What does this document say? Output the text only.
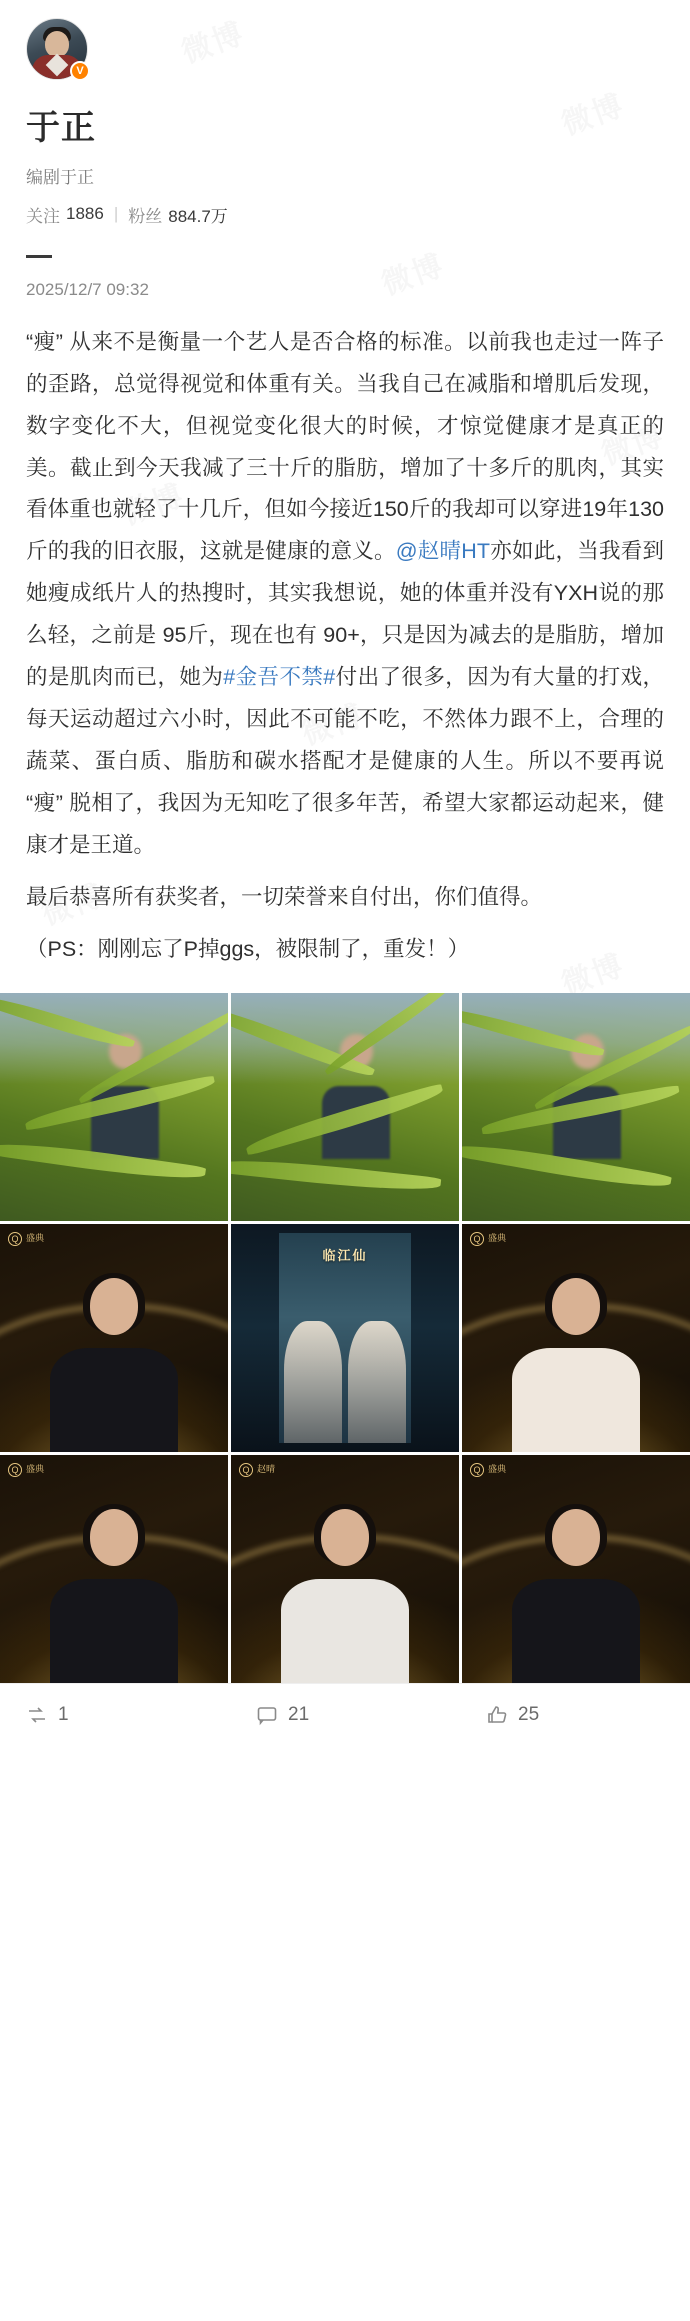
V
于正
编剧于正
关注 1886 | 粉丝 884.7万
2025/12/7 09:32

“瘦” 从来不是衡量一个艺人是否合格的标准。以前我也走过一阵子的歪路，总觉得视觉和体重有关。当我自己在减脂和增肌后发现，数字变化不大，但视觉变化很大的时候，才惊觉健康才是真正的美。截止到今天我减了三十斤的脂肪，增加了十多斤的肌肉，其实看体重也就轻了十几斤，但如今接近150斤的我却可以穿进19年130斤的我的旧衣服，这就是健康的意义。@赵晴HT亦如此，当我看到她瘦成纸片人的热搜时，其实我想说，她的体重并没有YXH说的那么轻，之前是 95斤，现在也有 90+，只是因为减去的是脂肪，增加的是肌肉而已，她为#金吾不禁#付出了很多，因为有大量的打戏，每天运动超过六小时，因此不可能不吃，不然体力跟不上，合理的蔬菜、蛋白质、脂肪和碳水搭配才是健康的人生。所以不要再说 “瘦” 脱相了，我因为无知吃了很多年苦，希望大家都运动起来，健康才是王道。

最后恭喜所有获奖者，一切荣誉来自付出，你们值得。

（PS：刚刚忘了P掉ggs，被限制了，重发！）

Q 盛典
临江仙
Q 盛典
Q 盛典	Q 赵晴	Q 盛典
1	21	25
